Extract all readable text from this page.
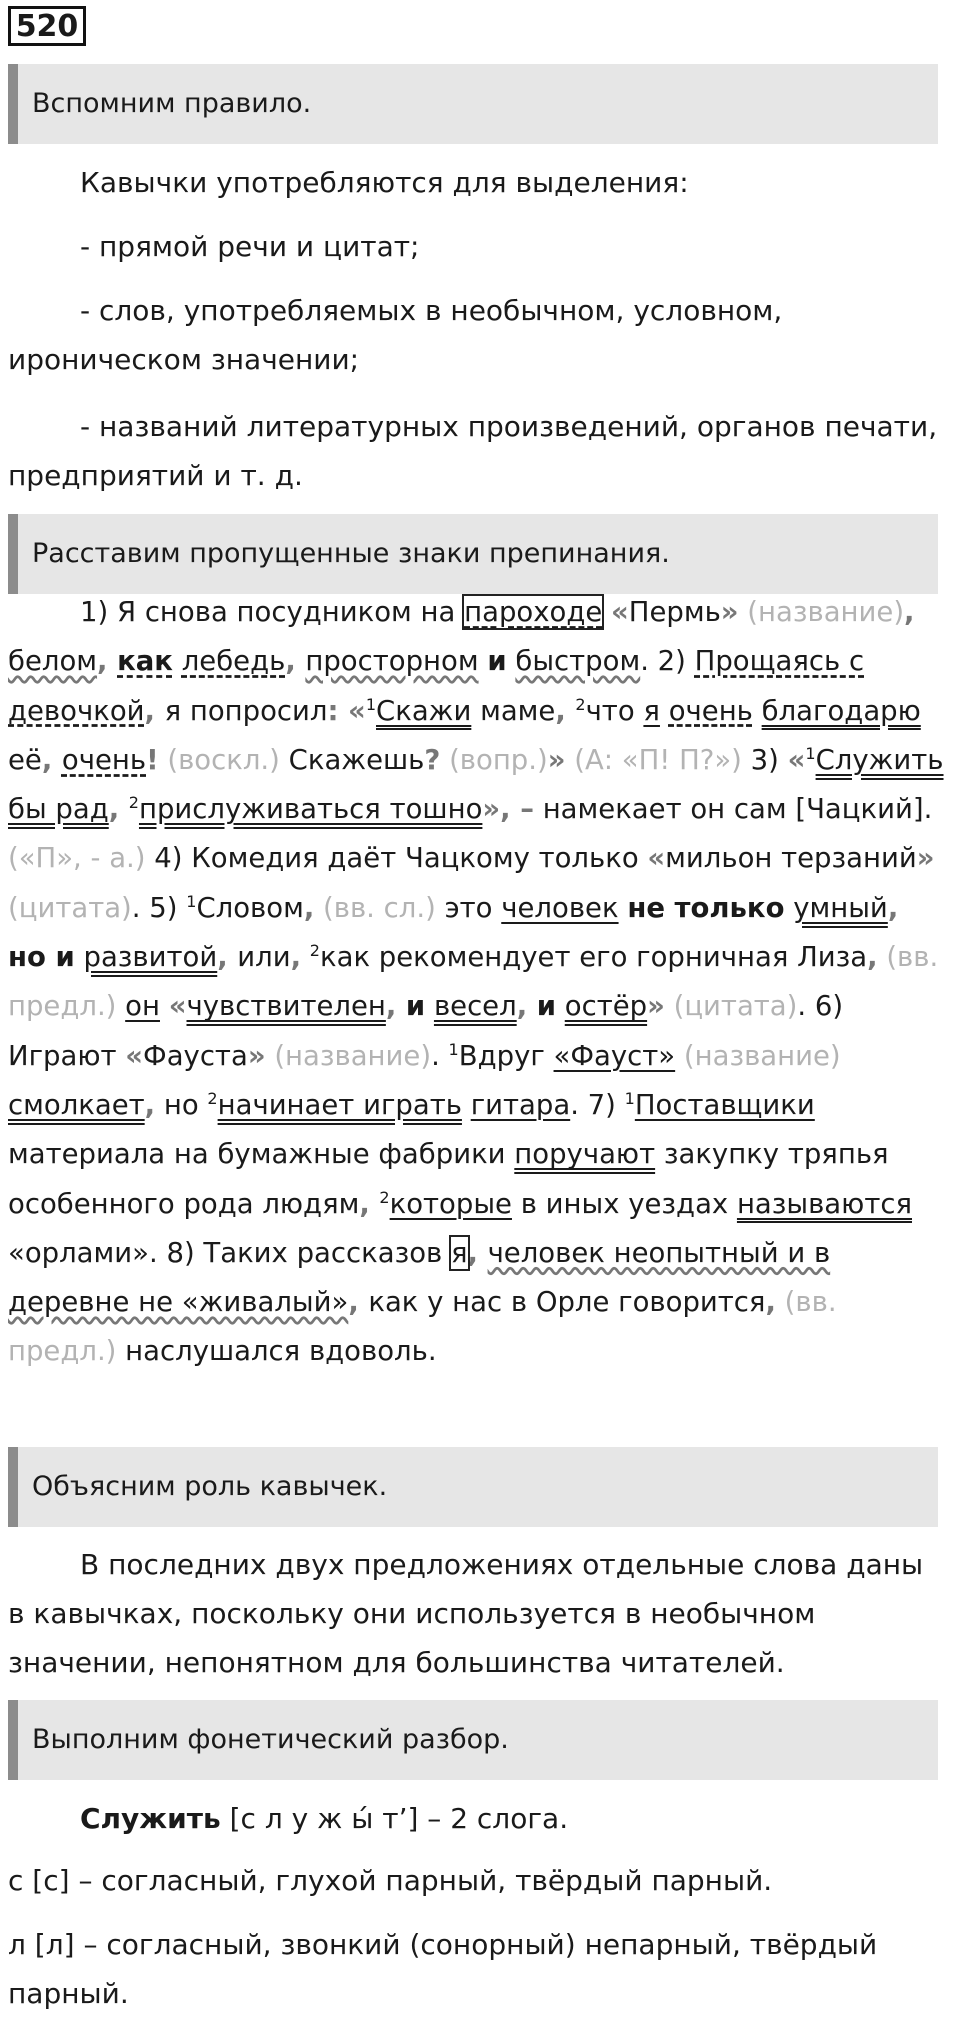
520
Вспомним правило.

Кавычки употребляются для выделения:

- прямой речи и цитат;

- слов, употребляемых в необычном, условном, ироническом значении;

- названий литературных произведений, органов печати, предприятий и т. д.

Расставим пропущенные знаки препинания.

1) Я снова посудником на пароходе «Пермь» (название), белом, как лебедь, просторном и быстром. 2) Прощаясь с девочкой, я попросил: «$^1$Скажи маме, $^2$что я очень благодарю её, очень! (воскл.) Скажешь? (вопр.)» (А: «П! П?») 3) «$^1$Служить бы рад, $^2$прислуживаться тошно», – намекает он сам [Чацкий]. («П», - а.) 4) Комедия даёт Чацкому только «мильон терзаний» (цитата). 5) $^1$Словом, (вв. сл.) это человек не только умный, но и развитой, или, $^2$как рекомендует его горничная Лиза, (вв. предл.) он «чувствителен, и весел, и остёр» (цитата). 6) Играют «Фауста» (название). $^1$Вдруг «Фауст» (название) смолкает, но $^2$начинает играть гитара. 7) $^1$Поставщики материала на бумажные фабрики поручают закупку тряпья особенного рода людям, $^2$которые в иных уездах называются «орлами». 8) Таких рассказов я, человек неопытный и в деревне не «живалый», как у нас в Орле говорится, (вв. предл.) наслушался вдоволь.

Объясним роль кавычек.

В последних двух предложениях отдельные слова даны в кавычках, поскольку они используется в необычном значении, непонятном для большинства читателей.

Выполним фонетический разбор.

Служить [с л у ж ы́ т’] – 2 слога.

с [с] – согласный, глухой парный, твёрдый парный.

л [л] – согласный, звонкий (сонорный) непарный, твёрдый парный.
